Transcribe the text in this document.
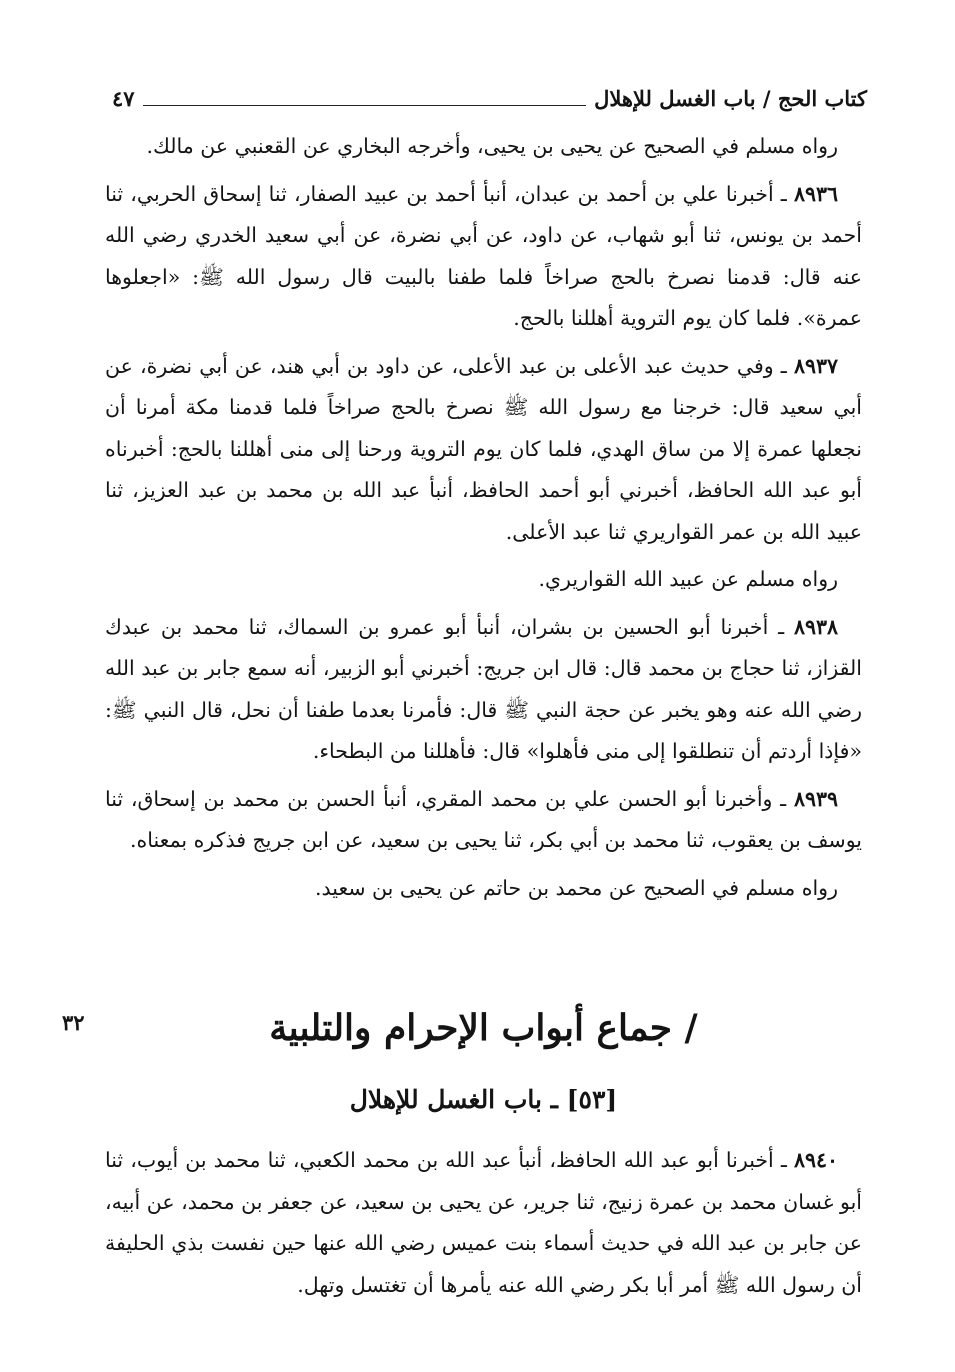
كتاب الحج / باب الغسل للإهلال
٤٧

رواه مسلم في الصحيح عن يحيى بن يحيى، وأخرجه البخاري عن القعنبي عن مالك.

٨٩٣٦ ـ أخبرنا علي بن أحمد بن عبدان، أنبأ أحمد بن عبيد الصفار، ثنا إسحاق الحربي، ثنا أحمد بن يونس، ثنا أبو شهاب، عن داود، عن أبي نضرة، عن أبي سعيد الخدري رضي الله عنه قال: قدمنا نصرخ بالحج صراخاً فلما طفنا بالبيت قال رسول الله ﷺ: «اجعلوها عمرة». فلما كان يوم التروية أهللنا بالحج.

٨٩٣٧ ـ وفي حديث عبد الأعلى بن عبد الأعلى، عن داود بن أبي هند، عن أبي نضرة، عن أبي سعيد قال: خرجنا مع رسول الله ﷺ نصرخ بالحج صراخاً فلما قدمنا مكة أمرنا أن نجعلها عمرة إلا من ساق الهدي، فلما كان يوم التروية ورحنا إلى منى أهللنا بالحج: أخبرناه أبو عبد الله الحافظ، أخبرني أبو أحمد الحافظ، أنبأ عبد الله بن محمد بن عبد العزيز، ثنا عبيد الله بن عمر القواريري ثنا عبد الأعلى.

رواه مسلم عن عبيد الله القواريري.

٨٩٣٨ ـ أخبرنا أبو الحسين بن بشران، أنبأ أبو عمرو بن السماك، ثنا محمد بن عبدك القزاز، ثنا حجاج بن محمد قال: قال ابن جريج: أخبرني أبو الزبير، أنه سمع جابر بن عبد الله رضي الله عنه وهو يخبر عن حجة النبي ﷺ قال: فأمرنا بعدما طفنا أن نحل، قال النبي ﷺ: «فإذا أردتم أن تنطلقوا إلى منى فأهلوا» قال: فأهللنا من البطحاء.

٨٩٣٩ ـ وأخبرنا أبو الحسن علي بن محمد المقري، أنبأ الحسن بن محمد بن إسحاق، ثنا يوسف بن يعقوب، ثنا محمد بن أبي بكر، ثنا يحيى بن سعيد، عن ابن جريج فذكره بمعناه.

رواه مسلم في الصحيح عن محمد بن حاتم عن يحيى بن سعيد.

٣٢	/ جماع أبواب الإحرام والتلبية
[٥٣] ـ باب الغسل للإهلال

٨٩٤٠ ـ أخبرنا أبو عبد الله الحافظ، أنبأ عبد الله بن محمد الكعبي، ثنا محمد بن أيوب، ثنا أبو غسان محمد بن عمرة زنيج، ثنا جرير، عن يحيى بن سعيد، عن جعفر بن محمد، عن أبيه، عن جابر بن عبد الله في حديث أسماء بنت عميس رضي الله عنها حين نفست بذي الحليفة أن رسول الله ﷺ أمر أبا بكر رضي الله عنه يأمرها أن تغتسل وتهل.
